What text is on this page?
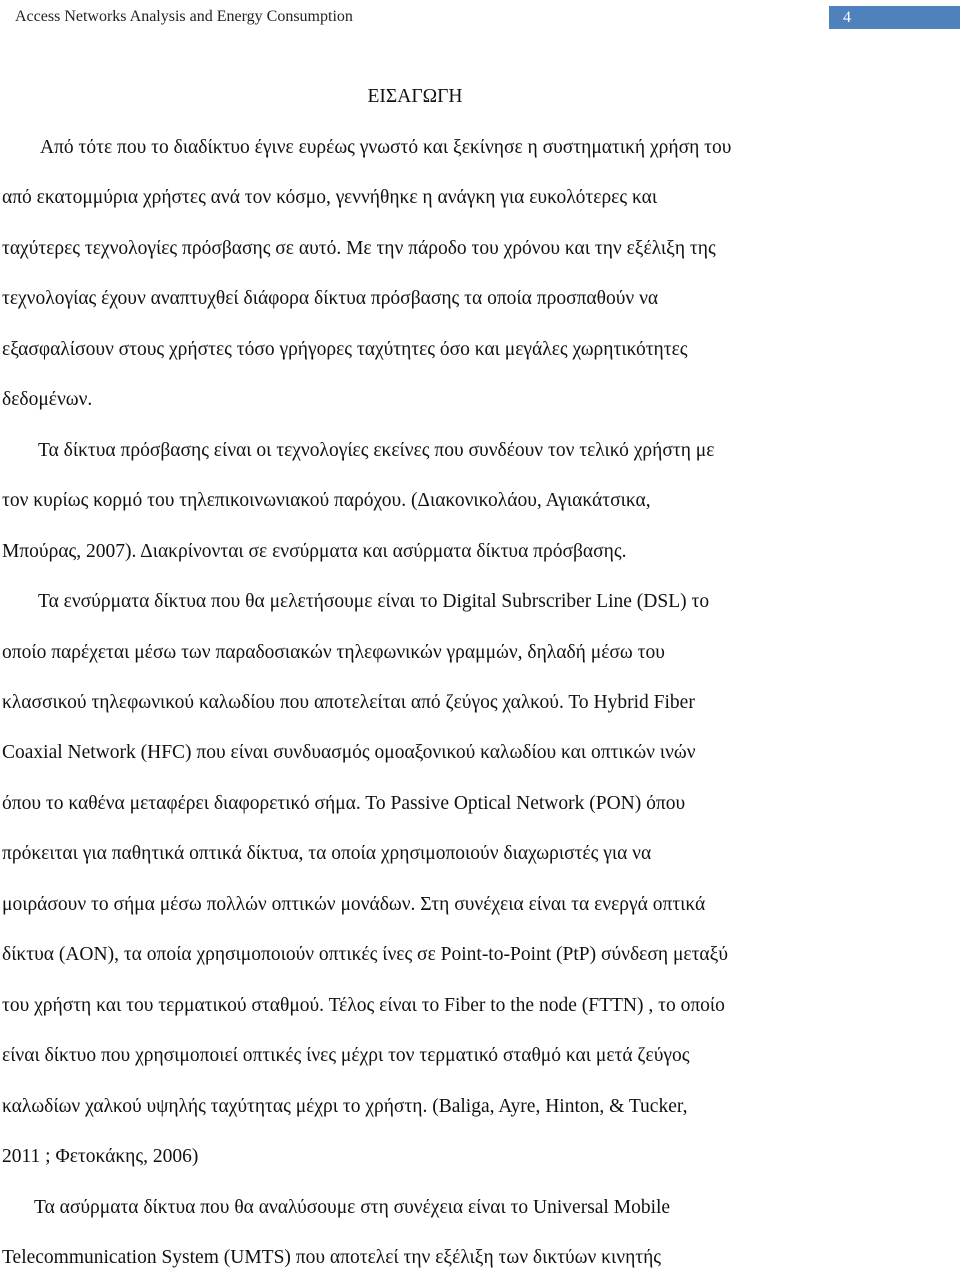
Access Networks Analysis and Energy Consumption	4
ΕΙΣΑΓΩΓΗ
Από τότε που το διαδίκτυο έγινε ευρέως γνωστό και ξεκίνησε η συστηματική χρήση του
από εκατομμύρια χρήστες ανά τον κόσμο, γεννήθηκε η ανάγκη για ευκολότερες και
ταχύτερες τεχνολογίες πρόσβασης σε αυτό. Με την πάροδο του χρόνου και την εξέλιξη της
τεχνολογίας έχουν αναπτυχθεί διάφορα δίκτυα πρόσβασης τα οποία προσπαθούν να
εξασφαλίσουν στους χρήστες τόσο γρήγορες ταχύτητες όσο και μεγάλες χωρητικότητες
δεδομένων.
Τα δίκτυα πρόσβασης είναι οι τεχνολογίες εκείνες που συνδέουν τον τελικό χρήστη με
τον κυρίως κορμό του τηλεπικοινωνιακού παρόχου. (Διακονικολάου, Αγιακάτσικα,
Μπούρας, 2007). Διακρίνονται σε ενσύρματα και ασύρματα δίκτυα πρόσβασης.
Τα ενσύρματα δίκτυα που θα μελετήσουμε είναι το Digital Subrscriber Line (DSL) το
οποίο παρέχεται μέσω των παραδοσιακών τηλεφωνικών γραμμών, δηλαδή μέσω του
κλασσικού τηλεφωνικού καλωδίου που αποτελείται από ζεύγος χαλκού. Το Hybrid Fiber
Coaxial Network (HFC) που είναι συνδυασμός ομοαξονικού καλωδίου και οπτικών ινών
όπου το καθένα μεταφέρει διαφορετικό σήμα. Το Passive Optical Network (PON) όπου
πρόκειται για παθητικά οπτικά δίκτυα, τα οποία χρησιμοποιούν διαχωριστές για να
μοιράσουν το σήμα μέσω πολλών οπτικών μονάδων. Στη συνέχεια είναι τα ενεργά οπτικά
δίκτυα (AON), τα οποία χρησιμοποιούν οπτικές ίνες σε Point-to-Point (PtP) σύνδεση μεταξύ
του χρήστη και του τερματικού σταθμού. Τέλος είναι το Fiber to the node (FTTN) , το οποίο
είναι δίκτυο που χρησιμοποιεί οπτικές ίνες μέχρι τον τερματικό σταθμό και μετά ζεύγος
καλωδίων χαλκού υψηλής ταχύτητας μέχρι το χρήστη. (Baliga, Ayre, Hinton, & Tucker,
2011 ; Φετοκάκης, 2006)
Τα ασύρματα δίκτυα που θα αναλύσουμε στη συνέχεια είναι το Universal Mobile
Telecommunication System (UMTS) που αποτελεί την εξέλιξη των δικτύων κινητής
